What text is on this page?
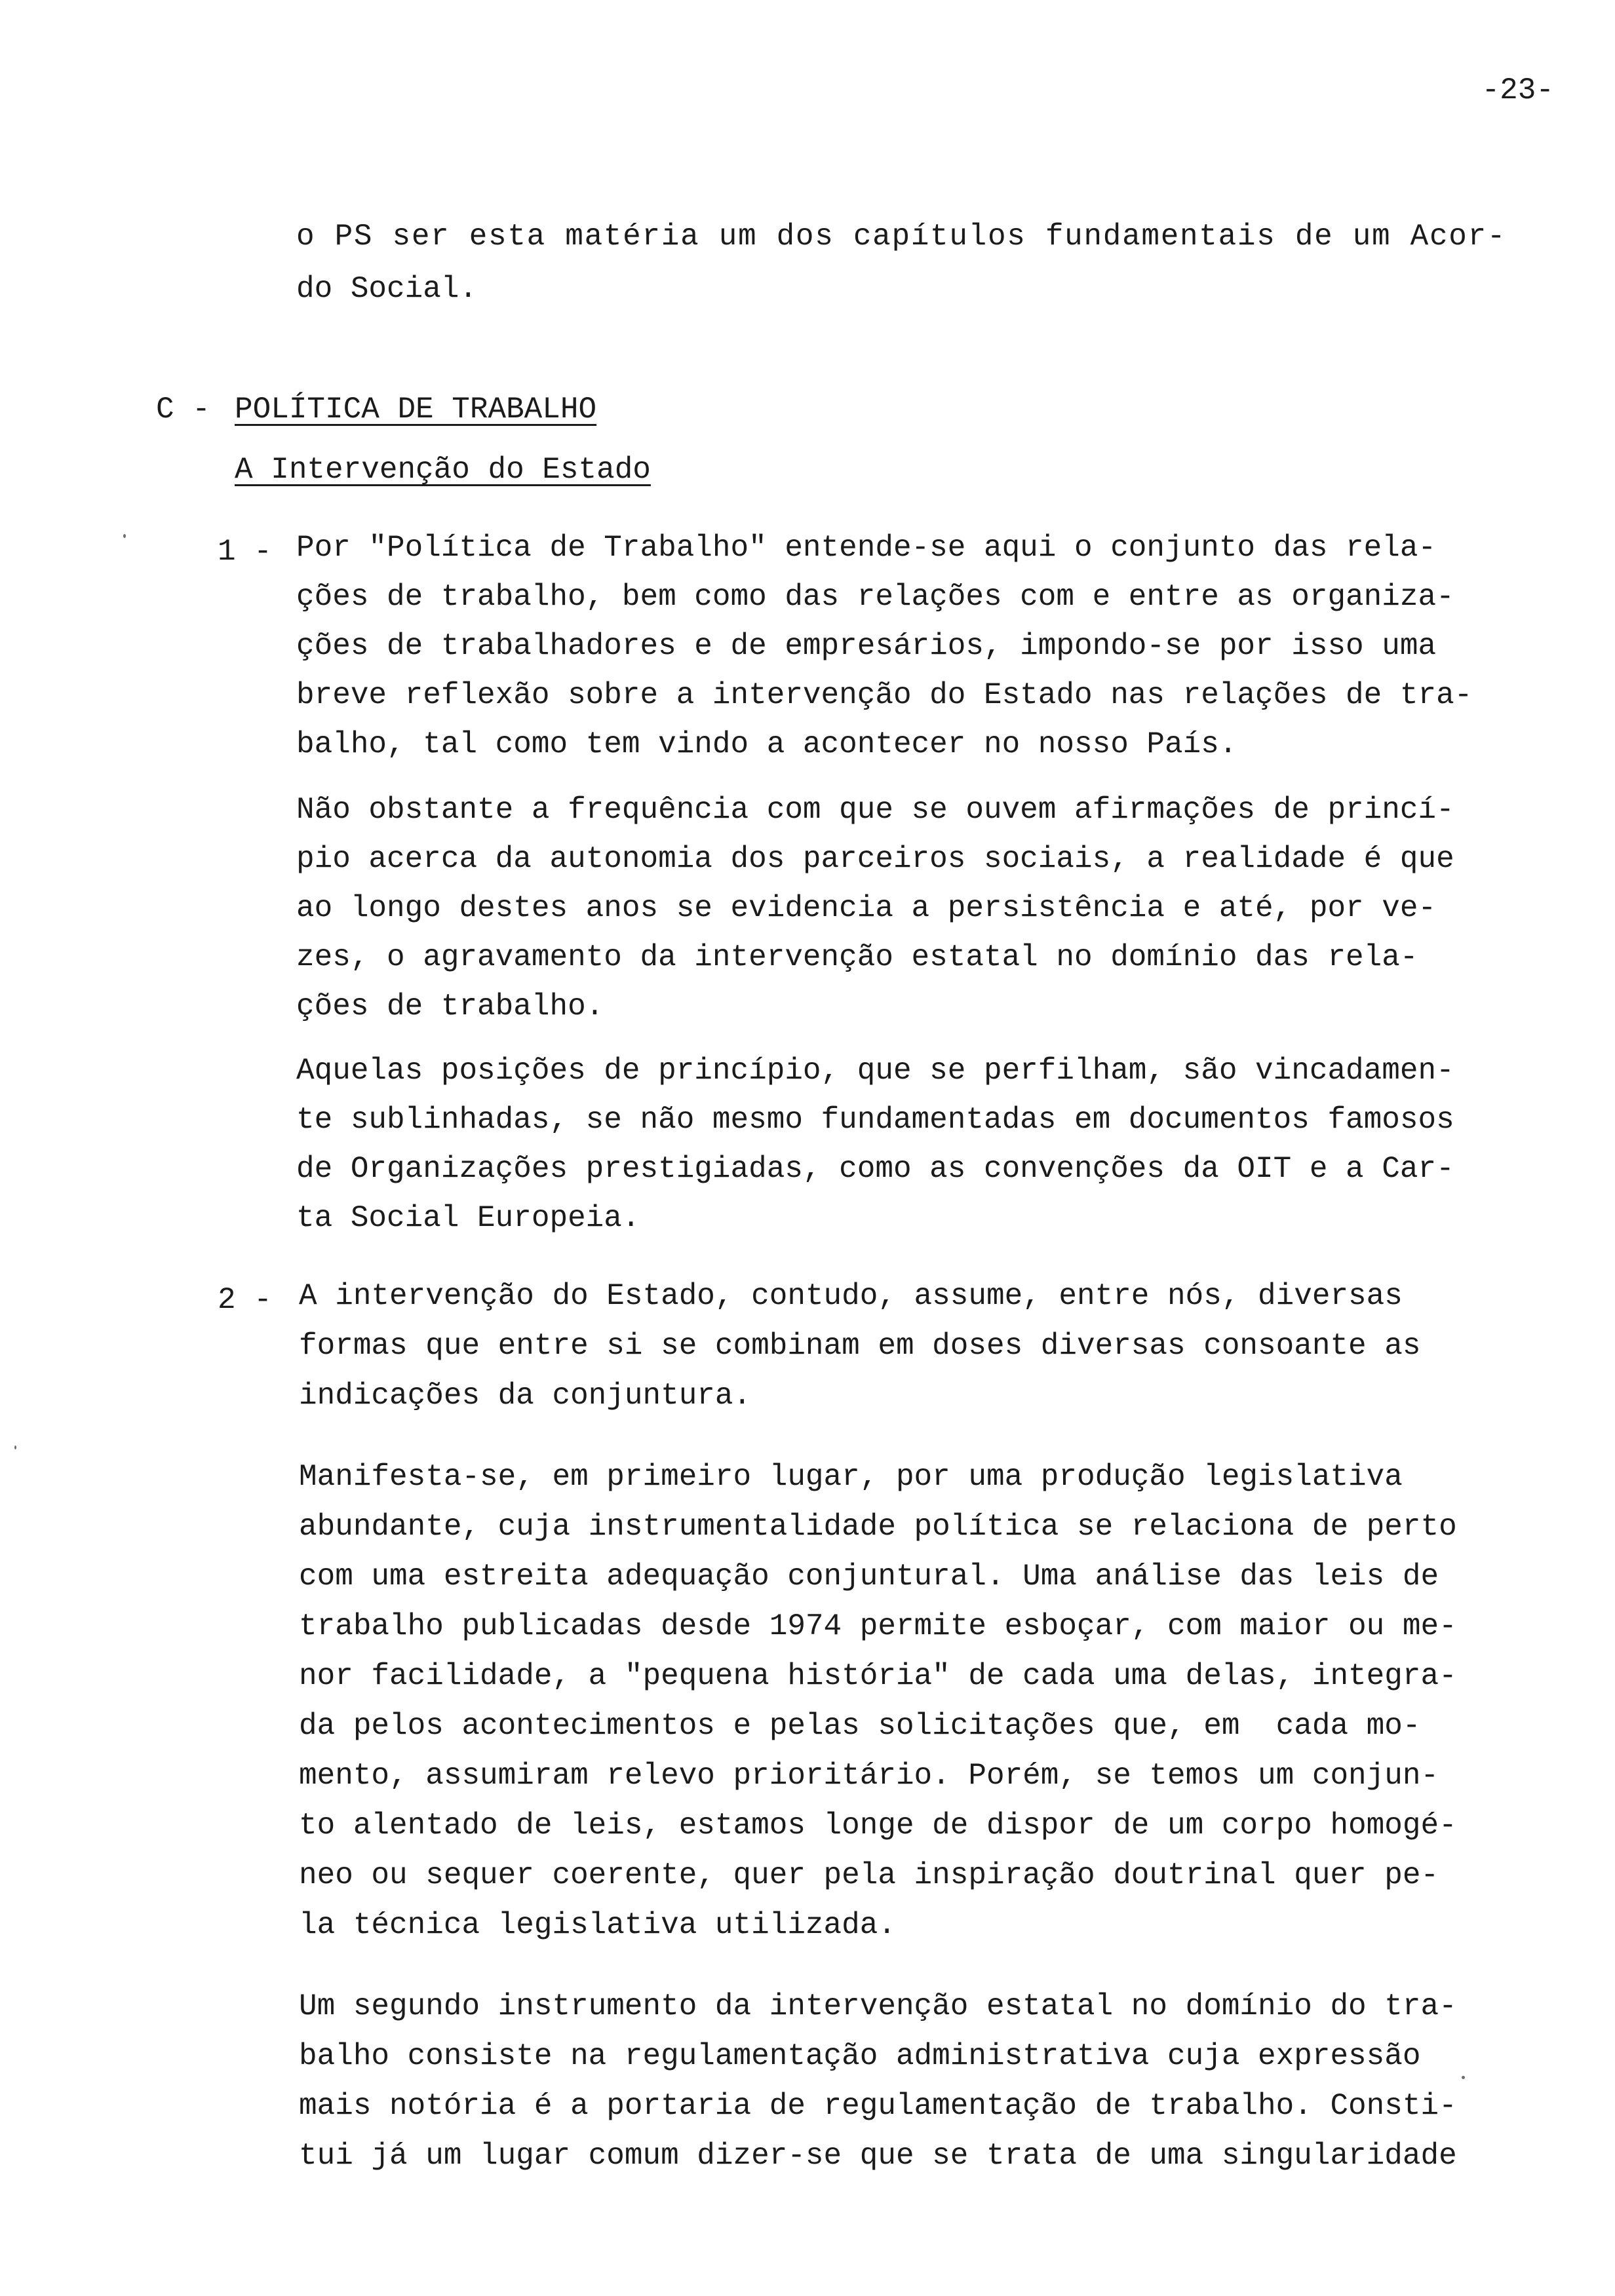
-23-
o PS ser esta matéria um dos capítulos fundamentais de um Acor-
do Social.
C - POLÍTICA DE TRABALHO
A Intervenção do Estado
1 - Por "Política de Trabalho" entende-se aqui o conjunto das rela-
ções de trabalho, bem como das relações com e entre as organiza-
ções de trabalhadores e de empresários, impondo-se por isso uma
breve reflexão sobre a intervenção do Estado nas relações de tra-
balho, tal como tem vindo a acontecer no nosso País.
Não obstante a frequência com que se ouvem afirmações de princí-
pio acerca da autonomia dos parceiros sociais, a realidade é que
ao longo destes anos se evidencia a persistência e até, por ve-
zes, o agravamento da intervenção estatal no domínio das rela-
ções de trabalho.
Aquelas posições de princípio, que se perfilham, são vincadamen-
te sublinhadas, se não mesmo fundamentadas em documentos famosos
de Organizações prestigiadas, como as convenções da OIT e a Car-
ta Social Europeia.
2 - A intervenção do Estado, contudo, assume, entre nós, diversas
formas que entre si se combinam em doses diversas consoante as
indicações da conjuntura.
Manifesta-se, em primeiro lugar, por uma produção legislativa
abundante, cuja instrumentalidade política se relaciona de perto
com uma estreita adequação conjuntural. Uma análise das leis de
trabalho publicadas desde 1974 permite esboçar, com maior ou me-
nor facilidade, a "pequena história" de cada uma delas, integra-
da pelos acontecimentos e pelas solicitações que, em  cada mo-
mento, assumiram relevo prioritário. Porém, se temos um conjun-
to alentado de leis, estamos longe de dispor de um corpo homogé-
neo ou sequer coerente, quer pela inspiração doutrinal quer pe-
la técnica legislativa utilizada.
Um segundo instrumento da intervenção estatal no domínio do tra-
balho consiste na regulamentação administrativa cuja expressão
mais notória é a portaria de regulamentação de trabalho. Consti-
tui já um lugar comum dizer-se que se trata de uma singularidade
